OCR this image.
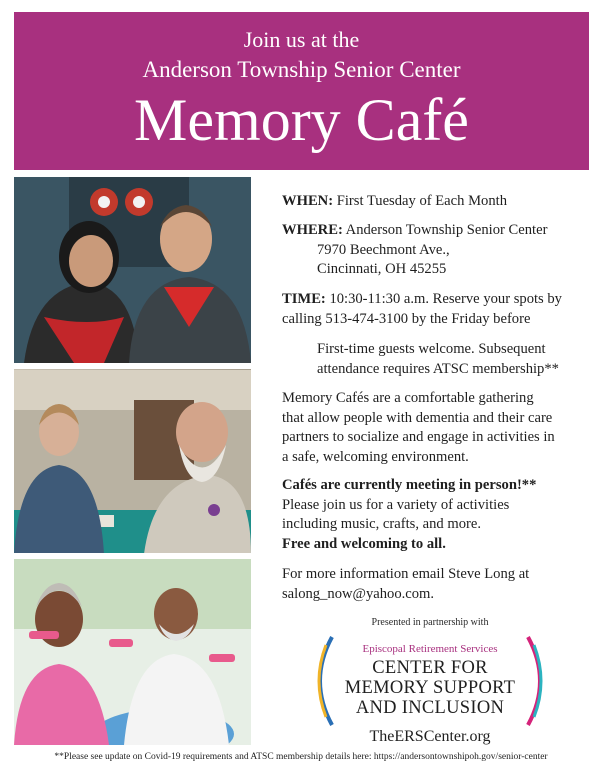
Join us at the
Anderson Township Senior Center
Memory Café
WHEN: First Tuesday of Each Month
WHERE: Anderson Township Senior Center
7970 Beechmont Ave.,
Cincinnati, OH 45255
TIME: 10:30-11:30 a.m. Reserve your spots by
calling 513-474-3100 by the Friday before
First-time guests welcome. Subsequent
attendance requires ATSC membership**
Memory Cafés are a comfortable gathering
that allow people with dementia and their care
partners to socialize and engage in activities in
a safe, welcoming environment.
Cafés are currently meeting in person!**
Please join us for a variety of activities
including music, crafts, and more.
Free and welcoming to all.
For more information email Steve Long at
salong_now@yahoo.com.
Presented in partnership with
Episcopal Retirement Services
CENTER FOR
MEMORY SUPPORT
AND INCLUSION
TheERSCenter.org
**Please see update on Covid-19 requirements and ATSC membership details here: https://andersontownshipoh.gov/senior-center
